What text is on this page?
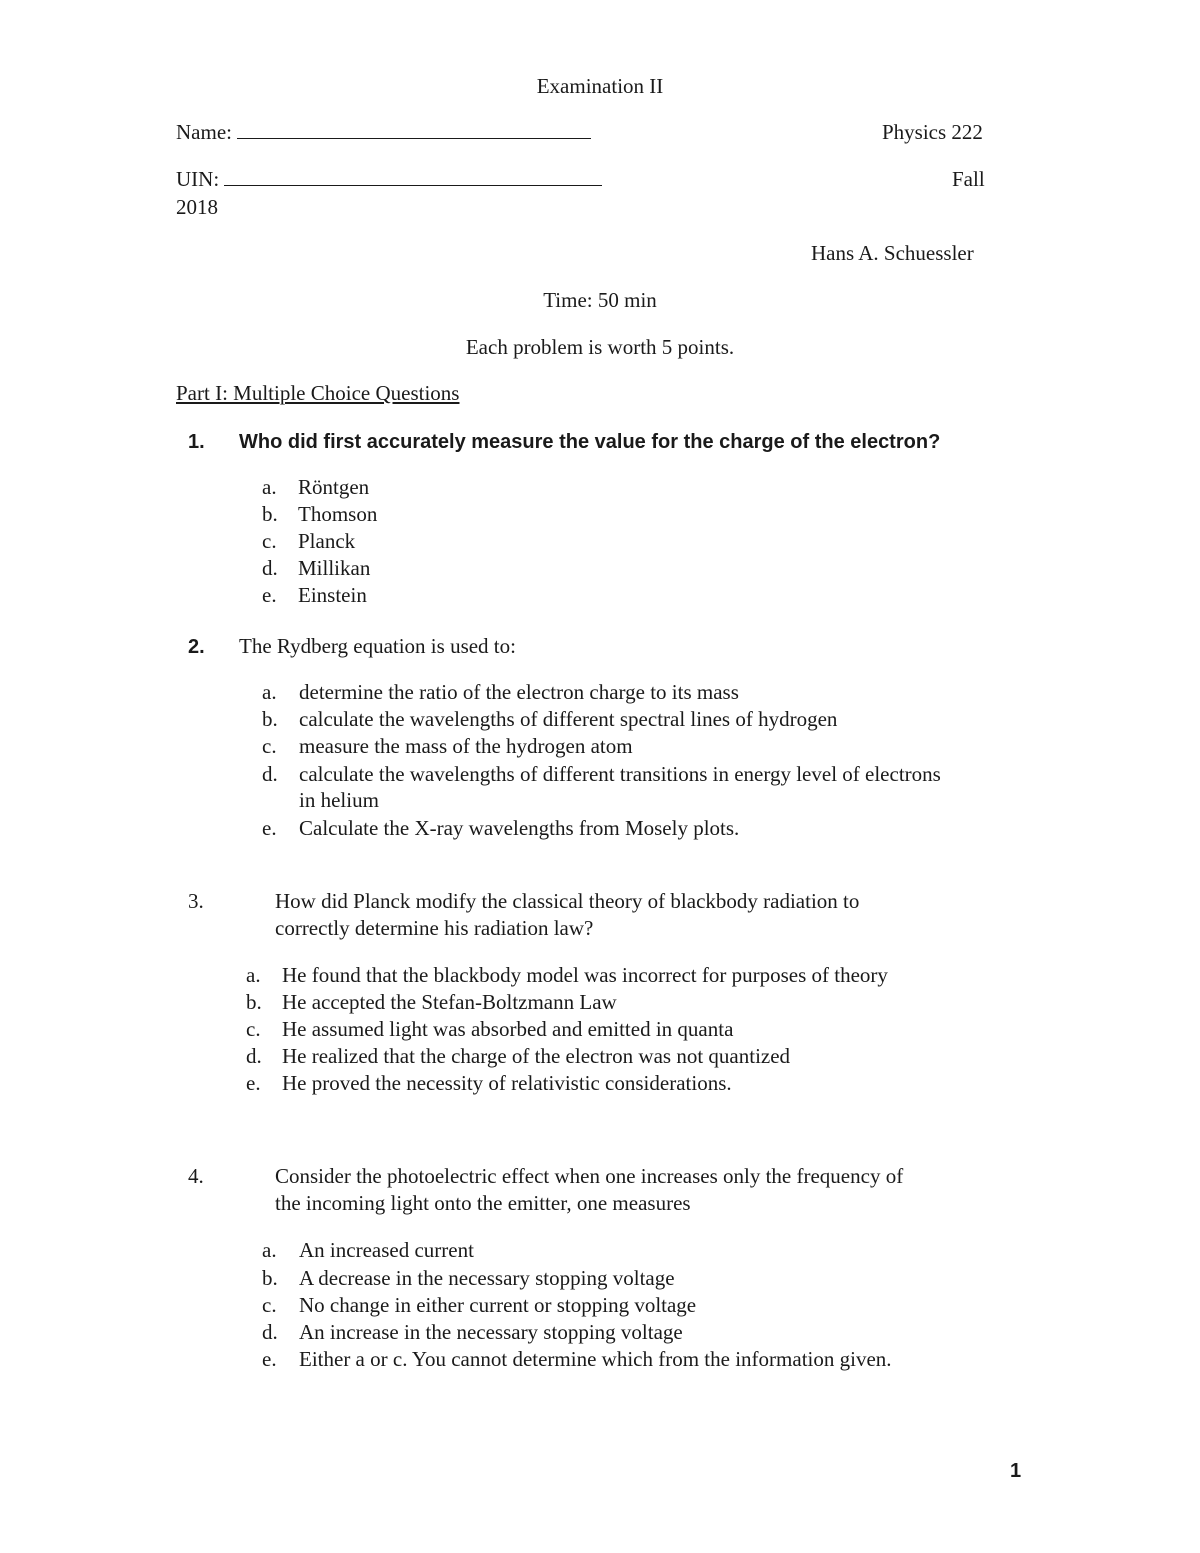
Examination II
Name:	Physics 222
UIN:	Fall
2018
Hans A. Schuessler
Time: 50 min
Each problem is worth 5 points.
Part I: Multiple Choice Questions
1. Who did first accurately measure the value for the charge of the electron?
a. Röntgen
b. Thomson
c. Planck
d. Millikan
e. Einstein
2. The Rydberg equation is used to:
a. determine the ratio of the electron charge to its mass
b. calculate the wavelengths of different spectral lines of hydrogen
c. measure the mass of the hydrogen atom
d. calculate the wavelengths of different transitions in energy level of electrons
in helium
e. Calculate the X-ray wavelengths from Mosely plots.
3.	How did Planck modify the classical theory of blackbody radiation to
correctly determine his radiation law?
a. He found that the blackbody model was incorrect for purposes of theory
b. He accepted the Stefan-Boltzmann Law
c. He assumed light was absorbed and emitted in quanta
d. He realized that the charge of the electron was not quantized
e. He proved the necessity of relativistic considerations.
4.	Consider the photoelectric effect when one increases only the frequency of
the incoming light onto the emitter, one measures
a. An increased current
b. A decrease in the necessary stopping voltage
c. No change in either current or stopping voltage
d. An increase in the necessary stopping voltage
e. Either a or c. You cannot determine which from the information given.
1
